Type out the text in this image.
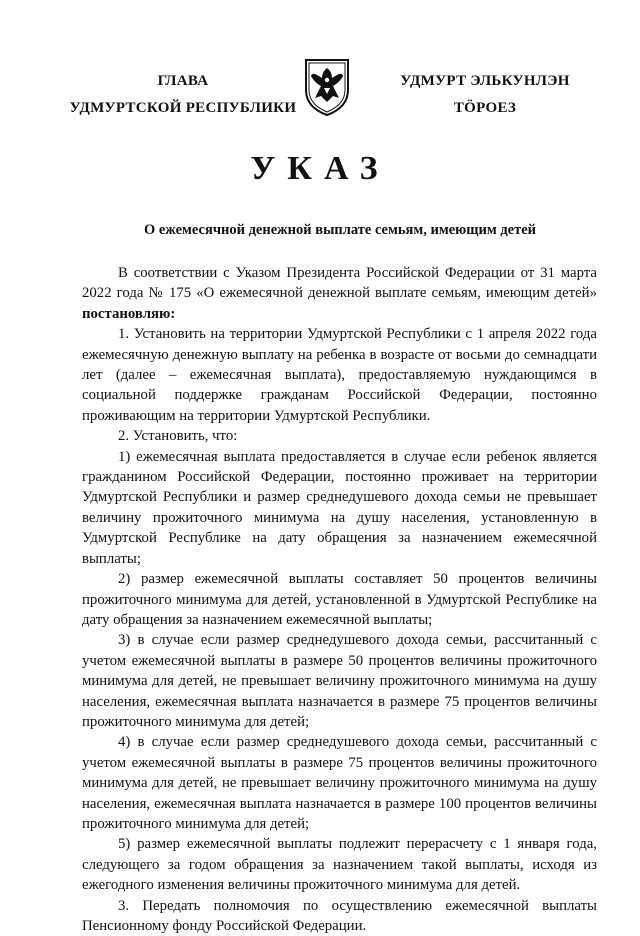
ГЛАВА
УДМУРТСКОЙ РЕСПУБЛИКИ
УДМУРТ ЭЛЬКУНЛЭН
ТӦРОЕЗ
УКАЗ
О ежемесячной денежной выплате семьям, имеющим детей

В соответствии с Указом Президента Российской Федерации от 31 марта 2022 года № 175 «О ежемесячной денежной выплате семьям, имеющим детей» постановляю:

1. Установить на территории Удмуртской Республики с 1 апреля 2022 года ежемесячную денежную выплату на ребенка в возрасте от восьми до семнадцати лет (далее – ежемесячная выплата), предоставляемую нуждающимся в социальной поддержке гражданам Российской Федерации, постоянно проживающим на территории Удмуртской Республики.

2. Установить, что:

1) ежемесячная выплата предоставляется в случае если ребенок является гражданином Российской Федерации, постоянно проживает на территории Удмуртской Республики и размер среднедушевого дохода семьи не превышает величину прожиточного минимума на душу населения, установленную в Удмуртской Республике на дату обращения за назначением ежемесячной выплаты;

2) размер ежемесячной выплаты составляет 50 процентов величины прожиточного минимума для детей, установленной в Удмуртской Республике на дату обращения за назначением ежемесячной выплаты;

3) в случае если размер среднедушевого дохода семьи, рассчитанный с учетом ежемесячной выплаты в размере 50 процентов величины прожиточного минимума для детей, не превышает величину прожиточного минимума на душу населения, ежемесячная выплата назначается в размере 75 процентов величины прожиточного минимума для детей;

4) в случае если размер среднедушевого дохода семьи, рассчитанный с учетом ежемесячной выплаты в размере 75 процентов величины прожиточного минимума для детей, не превышает величину прожиточного минимума на душу населения, ежемесячная выплата назначается в размере 100 процентов величины прожиточного минимума для детей;

5) размер ежемесячной выплаты подлежит перерасчету с 1 января года, следующего за годом обращения за назначением такой выплаты, исходя из ежегодного изменения величины прожиточного минимума для детей.

3. Передать полномочия по осуществлению ежемесячной выплаты Пенсионному фонду Российской Федерации.
